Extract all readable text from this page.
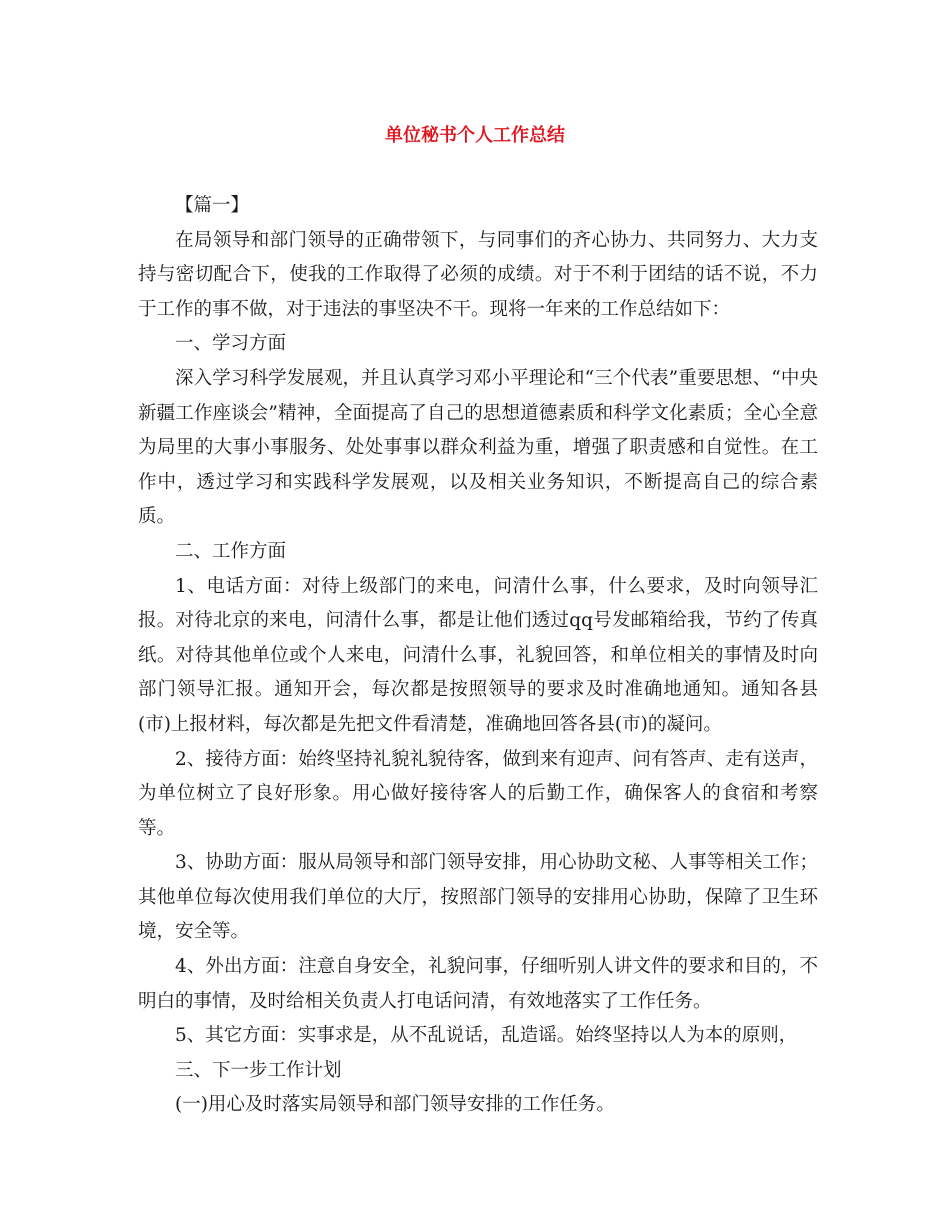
单位秘书个人工作总结

【篇一】

在局领导和部门领导的正确带领下，与同事们的齐心协力、共同努力、大力支持与密切配合下，使我的工作取得了必须的成绩。对于不利于团结的话不说，不力于工作的事不做，对于违法的事坚决不干。现将一年来的工作总结如下：

一、学习方面

深入学习科学发展观，并且认真学习邓小平理论和“三个代表”重要思想、“中央新疆工作座谈会”精神，全面提高了自己的思想道德素质和科学文化素质；全心全意为局里的大事小事服务、处处事事以群众利益为重，增强了职责感和自觉性。在工作中，透过学习和实践科学发展观，以及相关业务知识，不断提高自己的综合素质。

二、工作方面

1、电话方面：对待上级部门的来电，问清什么事，什么要求，及时向领导汇报。对待北京的来电，问清什么事，都是让他们透过qq号发邮箱给我，节约了传真纸。对待其他单位或个人来电，问清什么事，礼貌回答，和单位相关的事情及时向部门领导汇报。通知开会，每次都是按照领导的要求及时准确地通知。通知各县(市)上报材料，每次都是先把文件看清楚，准确地回答各县(市)的凝问。

2、接待方面：始终坚持礼貌礼貌待客，做到来有迎声、问有答声、走有送声，为单位树立了良好形象。用心做好接待客人的后勤工作，确保客人的食宿和考察等。

3、协助方面：服从局领导和部门领导安排，用心协助文秘、人事等相关工作；其他单位每次使用我们单位的大厅，按照部门领导的安排用心协助，保障了卫生环境，安全等。

4、外出方面：注意自身安全，礼貌问事，仔细听别人讲文件的要求和目的，不明白的事情，及时给相关负责人打电话问清，有效地落实了工作任务。

5、其它方面：实事求是，从不乱说话，乱造谣。始终坚持以人为本的原则，

三、下一步工作计划

(一)用心及时落实局领导和部门领导安排的工作任务。
